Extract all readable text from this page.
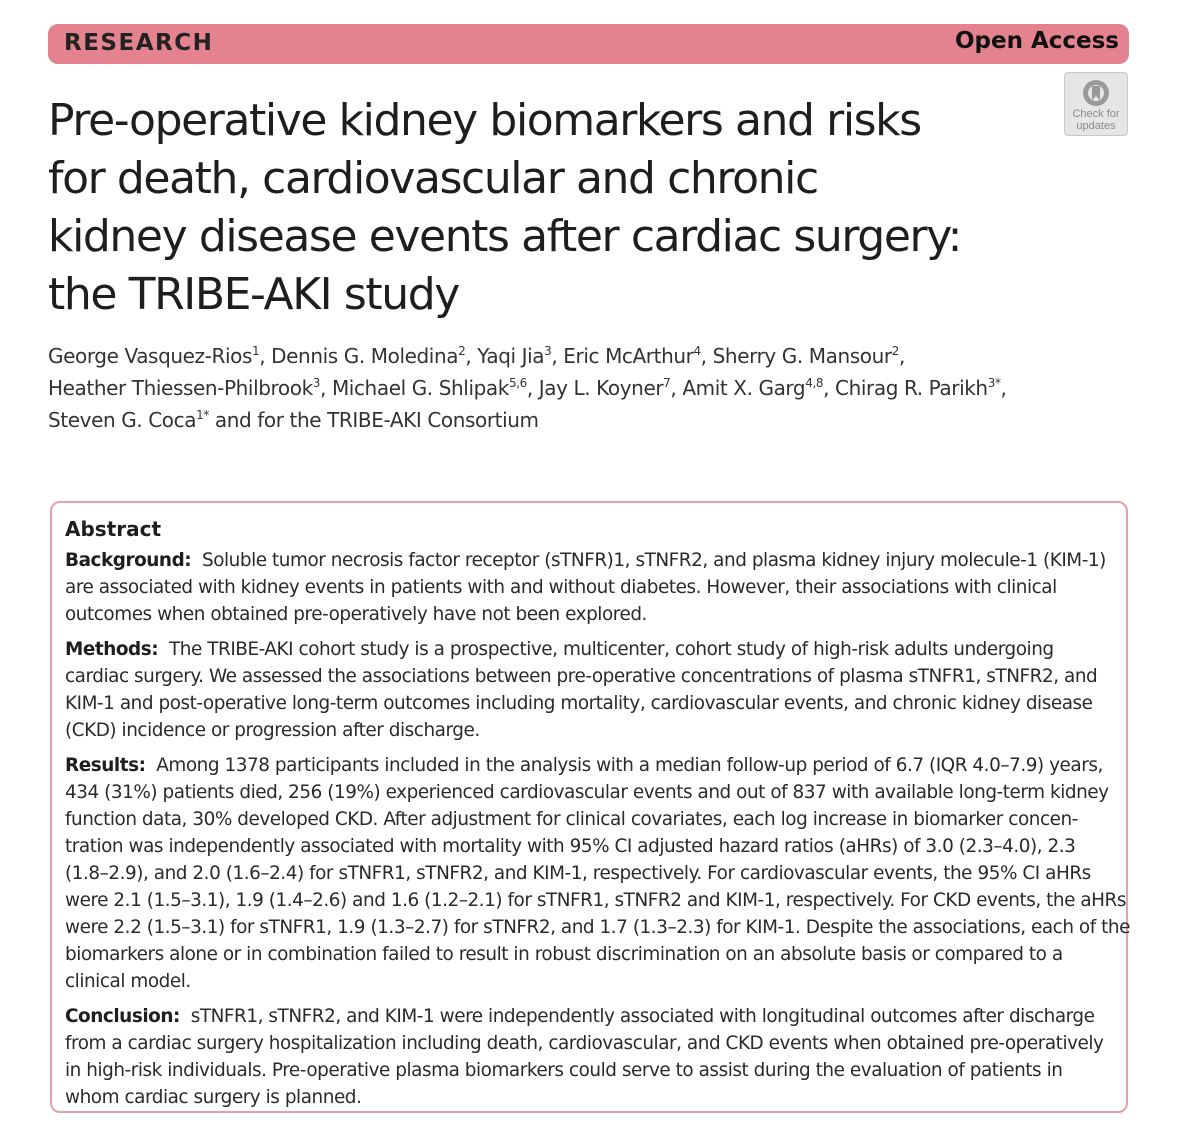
RESEARCH	Open Access
Check for
updates
Pre-operative kidney biomarkers and risks
for death, cardiovascular and chronic
kidney disease events after cardiac surgery:
the TRIBE-AKI study
George Vasquez-Rios$^1$, Dennis G. Moledina$^2$, Yaqi Jia$^3$, Eric McArthur$^4$, Sherry G. Mansour$^2$,
Heather Thiessen-Philbrook$^3$, Michael G. Shlipak$^{5,6}$, Jay L. Koyner$^7$, Amit X. Garg$^{4,8}$, Chirag R. Parikh$^{3*}$,
Steven G. Coca$^{1*}$ and for the TRIBE-AKI Consortium
Abstract
Background: Soluble tumor necrosis factor receptor (sTNFR)1, sTNFR2, and plasma kidney injury molecule-1 (KIM-1)
are associated with kidney events in patients with and without diabetes. However, their associations with clinical
outcomes when obtained pre-operatively have not been explored.
Methods: The TRIBE-AKI cohort study is a prospective, multicenter, cohort study of high-risk adults undergoing
cardiac surgery. We assessed the associations between pre-operative concentrations of plasma sTNFR1, sTNFR2, and
KIM-1 and post-operative long-term outcomes including mortality, cardiovascular events, and chronic kidney disease
(CKD) incidence or progression after discharge.
Results: Among 1378 participants included in the analysis with a median follow-up period of 6.7 (IQR 4.0–7.9) years,
434 (31%) patients died, 256 (19%) experienced cardiovascular events and out of 837 with available long-term kidney
function data, 30% developed CKD. After adjustment for clinical covariates, each log increase in biomarker concen-
tration was independently associated with mortality with 95% CI adjusted hazard ratios (aHRs) of 3.0 (2.3–4.0), 2.3
(1.8–2.9), and 2.0 (1.6–2.4) for sTNFR1, sTNFR2, and KIM-1, respectively. For cardiovascular events, the 95% CI aHRs
were 2.1 (1.5–3.1), 1.9 (1.4–2.6) and 1.6 (1.2–2.1) for sTNFR1, sTNFR2 and KIM-1, respectively. For CKD events, the aHRs
were 2.2 (1.5–3.1) for sTNFR1, 1.9 (1.3–2.7) for sTNFR2, and 1.7 (1.3–2.3) for KIM-1. Despite the associations, each of the
biomarkers alone or in combination failed to result in robust discrimination on an absolute basis or compared to a
clinical model.
Conclusion: sTNFR1, sTNFR2, and KIM-1 were independently associated with longitudinal outcomes after discharge
from a cardiac surgery hospitalization including death, cardiovascular, and CKD events when obtained pre-operatively
in high-risk individuals. Pre-operative plasma biomarkers could serve to assist during the evaluation of patients in
whom cardiac surgery is planned.
